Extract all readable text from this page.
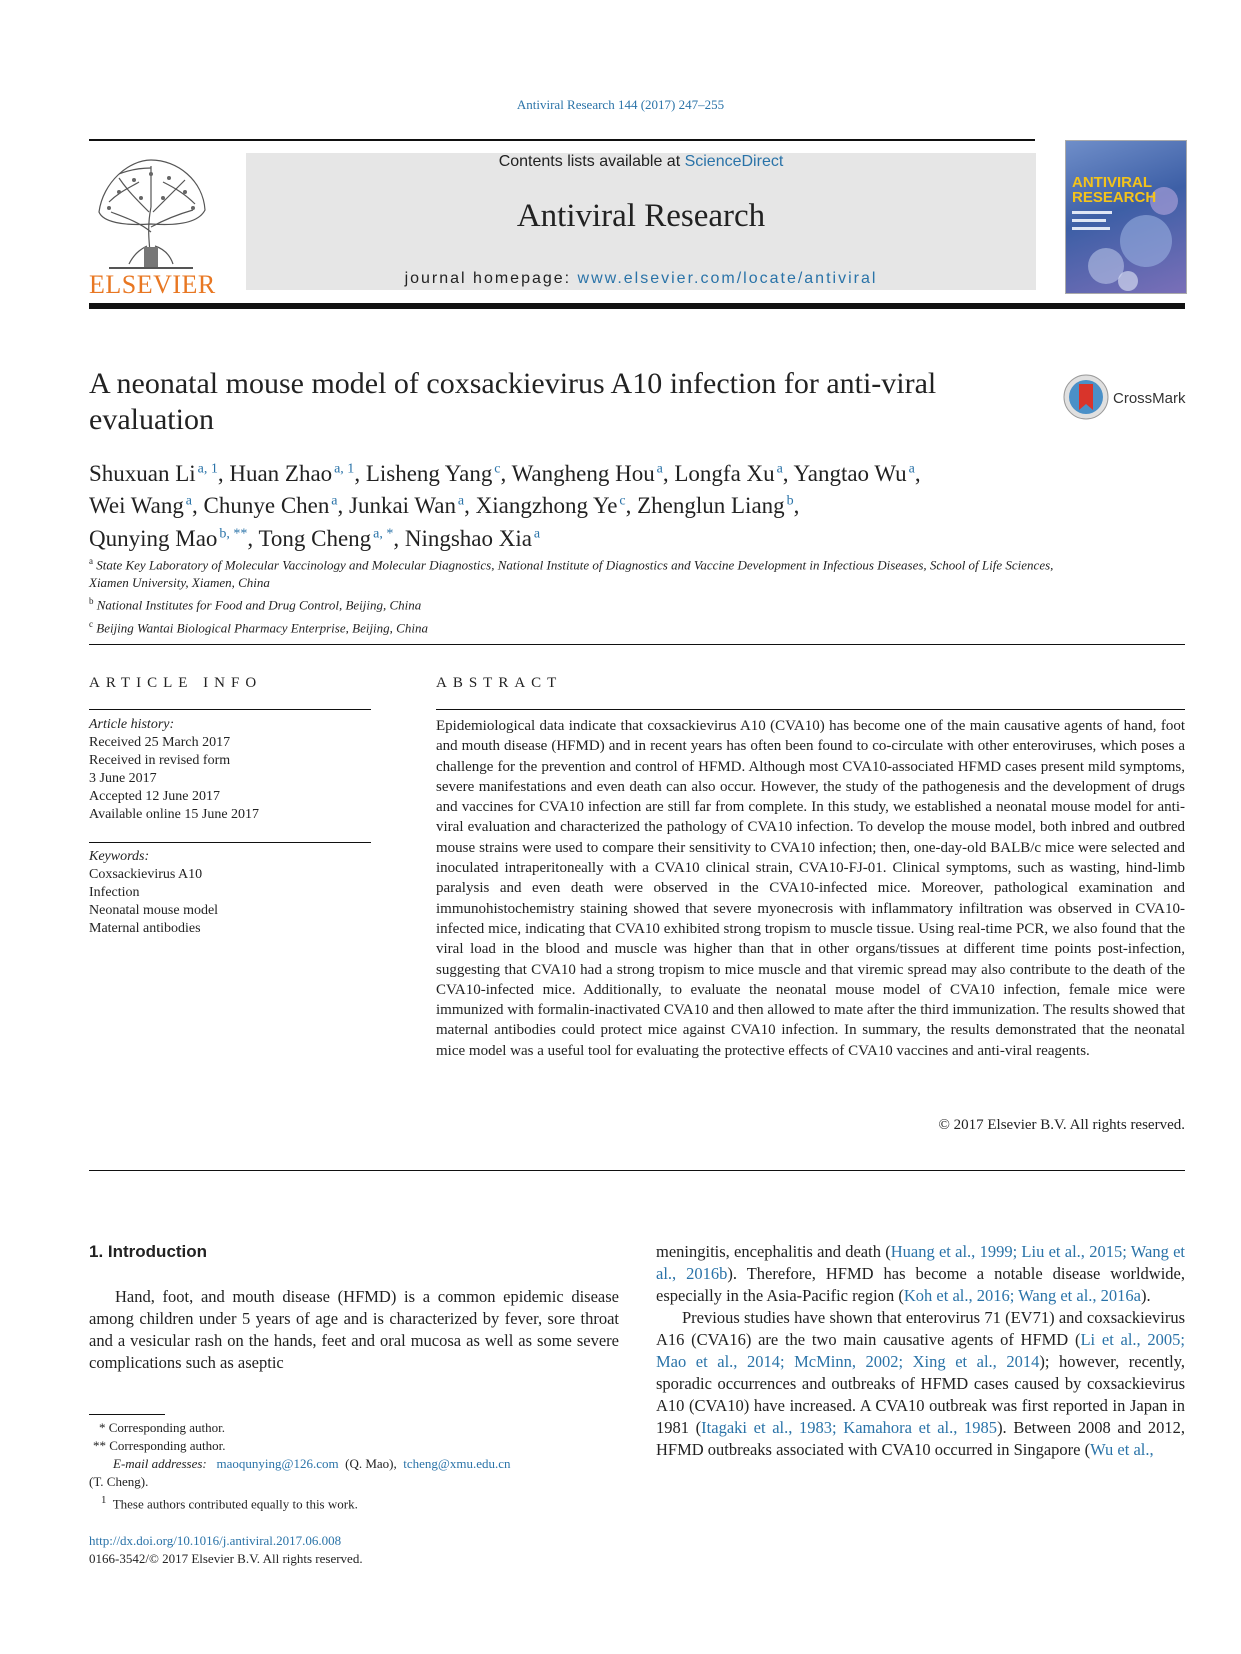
Antiviral Research 144 (2017) 247–255
ELSEVIER
Contents lists available at ScienceDirect
Antiviral Research
journal homepage: www.elsevier.com/locate/antiviral
ANTIVIRAL
RESEARCH
A neonatal mouse model of coxsackievirus A10 infection for anti-viral evaluation
CrossMark
Shuxuan Li  $^{a, 1}$, Huan Zhao  $^{a, 1}$, Lisheng Yang  $^c$, Wangheng Hou  $^a$, Longfa Xu  $^a$, Yangtao Wu  $^a$,
Wei Wang  $^a$, Chunye Chen  $^a$, Junkai Wan  $^a$, Xiangzhong Ye  $^c$, Zhenglun Liang  $^b$,
Qunying Mao  $^{b, **}$, Tong Cheng  $^{a, *}$, Ningshao Xia  $^a$
$^a$ State Key Laboratory of Molecular Vaccinology and Molecular Diagnostics, National Institute of Diagnostics and Vaccine Development in Infectious Diseases, School of Life Sciences, Xiamen University, Xiamen, China
$^b$ National Institutes for Food and Drug Control, Beijing, China
$^c$ Beijing Wantai Biological Pharmacy Enterprise, Beijing, China
ARTICLE INFO
Article history:
Received 25 March 2017
Received in revised form
3 June 2017
Accepted 12 June 2017
Available online 15 June 2017
Keywords:
Coxsackievirus A10
Infection
Neonatal mouse model
Maternal antibodies
ABSTRACT
Epidemiological data indicate that coxsackievirus A10 (CVA10) has become one of the main causative agents of hand, foot and mouth disease (HFMD) and in recent years has often been found to co-circulate with other enteroviruses, which poses a challenge for the prevention and control of HFMD. Although most CVA10-associated HFMD cases present mild symptoms, severe manifestations and even death can also occur. However, the study of the pathogenesis and the development of drugs and vaccines for CVA10 infection are still far from complete. In this study, we established a neonatal mouse model for anti-viral evaluation and characterized the pathology of CVA10 infection. To develop the mouse model, both inbred and outbred mouse strains were used to compare their sensitivity to CVA10 infection; then, one-day-old BALB/c mice were selected and inoculated intraperitoneally with a CVA10 clinical strain, CVA10-FJ-01. Clinical symptoms, such as wasting, hind-limb paralysis and even death were observed in the CVA10-infected mice. Moreover, pathological examination and immunohistochemistry staining showed that severe myonecrosis with inflammatory infiltration was observed in CVA10-infected mice, indicating that CVA10 exhibited strong tropism to muscle tissue. Using real-time PCR, we also found that the viral load in the blood and muscle was higher than that in other organs/tissues at different time points post-infection, suggesting that CVA10 had a strong tropism to mice muscle and that viremic spread may also contribute to the death of the CVA10-infected mice. Additionally, to evaluate the neonatal mouse model of CVA10 infection, female mice were immunized with formalin-inactivated CVA10 and then allowed to mate after the third immunization. The results showed that maternal antibodies could protect mice against CVA10 infection. In summary, the results demonstrated that the neonatal mice model was a useful tool for evaluating the protective effects of CVA10 vaccines and anti-viral reagents.
© 2017 Elsevier B.V. All rights reserved.
1. Introduction

Hand, foot, and mouth disease (HFMD) is a common epidemic disease among children under 5 years of age and is characterized by fever, sore throat and a vesicular rash on the hands, feet and oral mucosa as well as some severe complications such as aseptic

meningitis, encephalitis and death (Huang et al., 1999; Liu et al., 2015; Wang et al., 2016b). Therefore, HFMD has become a notable disease worldwide, especially in the Asia-Pacific region (Koh et al., 2016; Wang et al., 2016a).

Previous studies have shown that enterovirus 71 (EV71) and coxsackievirus A16 (CVA16) are the two main causative agents of HFMD (Li et al., 2005; Mao et al., 2014; McMinn, 2002; Xing et al., 2014); however, recently, sporadic occurrences and outbreaks of HFMD cases caused by coxsackievirus A10 (CVA10) have increased. A CVA10 outbreak was first reported in Japan in 1981 (Itagaki et al., 1983; Kamahora et al., 1985). Between 2008 and 2012, HFMD outbreaks associated with CVA10 occurred in Singapore (Wu et al.,

* Corresponding author.
** Corresponding author.
E-mail addresses: maoqunying@126.com (Q. Mao), tcheng@xmu.edu.cn
(T. Cheng).
$^1$ These authors contributed equally to this work.
http://dx.doi.org/10.1016/j.antiviral.2017.06.008
0166-3542/© 2017 Elsevier B.V. All rights reserved.
